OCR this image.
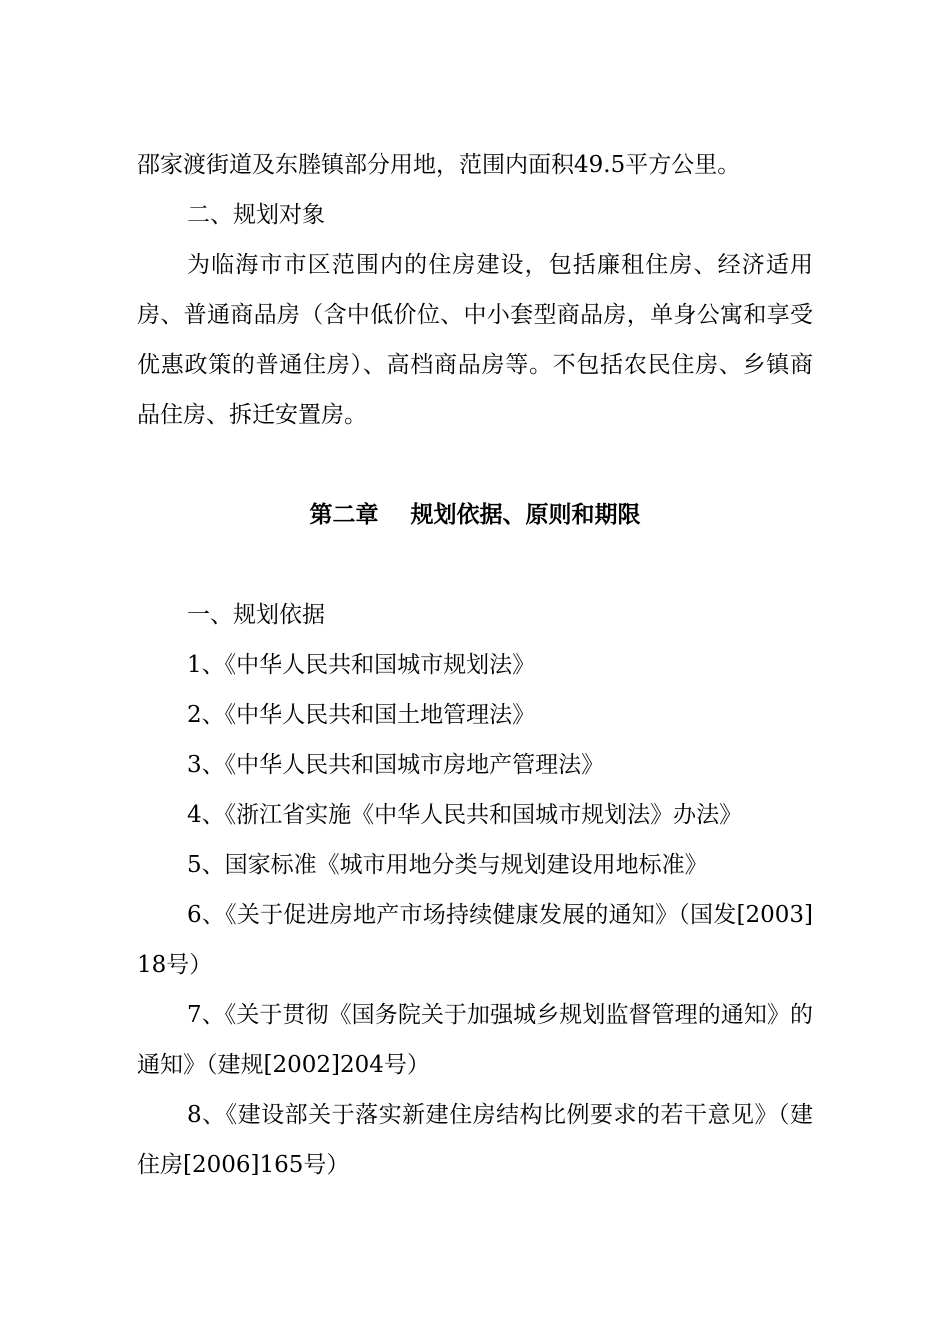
邵家渡街道及东塍镇部分用地，范围内面积49.5平方公里。

二、规划对象

为临海市市区范围内的住房建设，包括廉租住房、经济适用房、普通商品房（含中低价位、中小套型商品房，单身公寓和享受优惠政策的普通住房）、高档商品房等。不包括农民住房、乡镇商品住房、拆迁安置房。

第二章    规划依据、原则和期限

一、规划依据

1、《中华人民共和国城市规划法》

2、《中华人民共和国土地管理法》

3、《中华人民共和国城市房地产管理法》

4、《浙江省实施《中华人民共和国城市规划法》办法》

5、国家标准《城市用地分类与规划建设用地标准》

6、《关于促进房地产市场持续健康发展的通知》（国发[2003]18号）

7、《关于贯彻《国务院关于加强城乡规划监督管理的通知》的通知》（建规[2002]204号）

8、《建设部关于落实新建住房结构比例要求的若干意见》（建住房[2006]165号）
